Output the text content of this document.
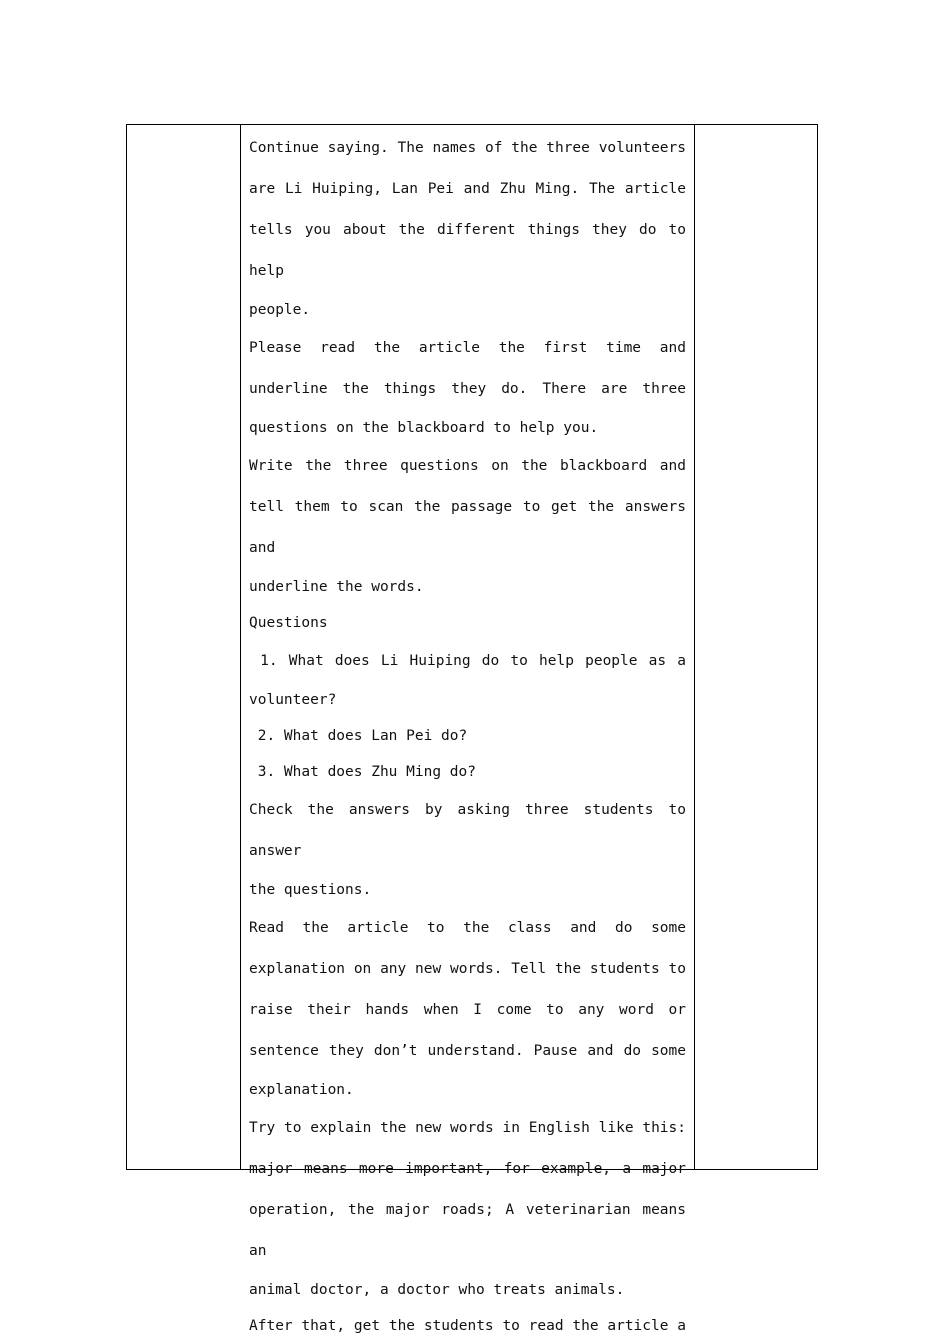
Continue saying. The names of the three volunteers
are Li Huiping, Lan Pei and Zhu Ming. The article
tells you about the different things they do to help
people.
Please read the article the first time and
underline the things they do. There are three
questions on the blackboard to help you.
Write the three questions on the blackboard and
tell them to scan the passage to get the answers and
underline the words.

Questions

1. What does Li Huiping do to help people as a
volunteer?

2. What does Lan Pei do?

3. What does Zhu Ming do?

Check the answers by asking three students to answer
the questions.
Read the article to the class and do some
explanation on any new words. Tell the students to
raise their hands when I come to any word or
sentence they don’t understand. Pause and do some
explanation.
Try to explain the new words in English like this:
major means more important, for example, a major
operation, the major roads; A veterinarian means an
animal doctor, a doctor who treats animals.

After that, get the students to read the article a
